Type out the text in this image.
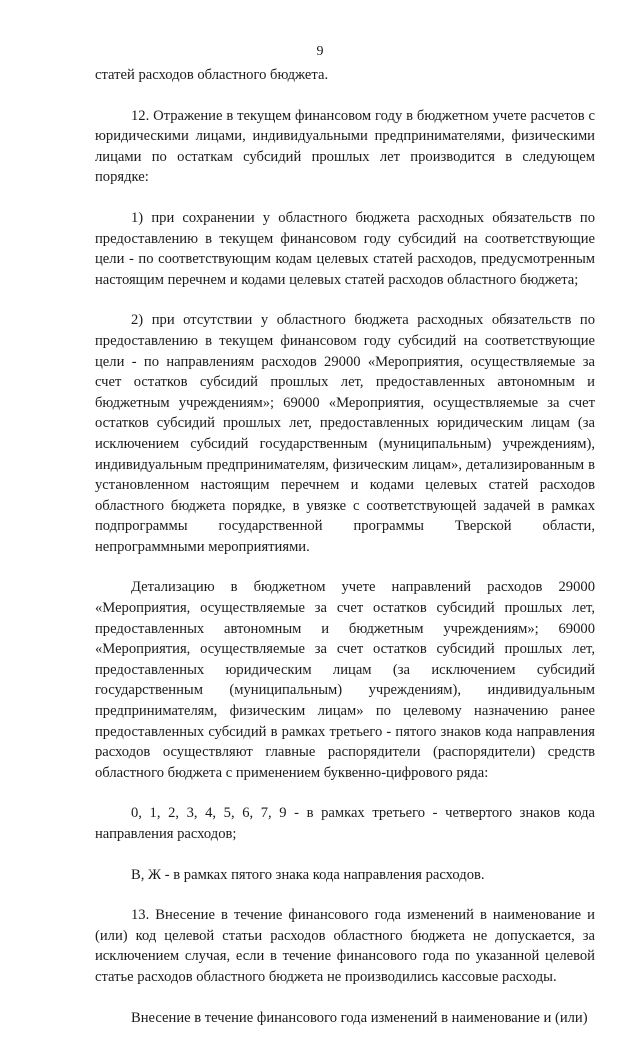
9

статей расходов областного бюджета.

12. Отражение в текущем финансовом году в бюджетном учете расчетов с юридическими лицами, индивидуальными предпринимателями, физическими лицами по остаткам субсидий прошлых лет производится в следующем порядке:

1) при сохранении у областного бюджета расходных обязательств по предоставлению в текущем финансовом году субсидий на соответствующие цели - по соответствующим кодам целевых статей расходов, предусмотренным настоящим перечнем и кодами целевых статей расходов областного бюджета;

2) при отсутствии у областного бюджета расходных обязательств по предоставлению в текущем финансовом году субсидий на соответствующие цели - по направлениям расходов 29000 «Мероприятия, осуществляемые за счет остатков субсидий прошлых лет, предоставленных автономным и бюджетным учреждениям»; 69000 «Мероприятия, осуществляемые за счет остатков субсидий прошлых лет, предоставленных юридическим лицам (за исключением субсидий государственным (муниципальным) учреждениям), индивидуальным предпринимателям, физическим лицам», детализированным в установленном настоящим перечнем и кодами целевых статей расходов областного бюджета порядке, в увязке с соответствующей задачей в рамках подпрограммы государственной программы Тверской области, непрограммными мероприятиями.

Детализацию в бюджетном учете направлений расходов 29000 «Мероприятия, осуществляемые за счет остатков субсидий прошлых лет, предоставленных автономным и бюджетным учреждениям»; 69000 «Мероприятия, осуществляемые за счет остатков субсидий прошлых лет, предоставленных юридическим лицам (за исключением субсидий государственным (муниципальным) учреждениям), индивидуальным предпринимателям, физическим лицам» по целевому назначению ранее предоставленных субсидий в рамках третьего - пятого знаков кода направления расходов осуществляют главные распорядители (распорядители) средств областного бюджета с применением буквенно-цифрового ряда:

0, 1, 2, 3, 4, 5, 6, 7, 9 - в рамках третьего - четвертого знаков кода направления расходов;

В, Ж - в рамках пятого знака кода направления расходов.

13. Внесение в течение финансового года изменений в наименование и (или) код целевой статьи расходов областного бюджета не допускается, за исключением случая, если в течение финансового года по указанной целевой статье расходов областного бюджета не производились кассовые расходы.

Внесение в течение финансового года изменений в наименование и (или)
